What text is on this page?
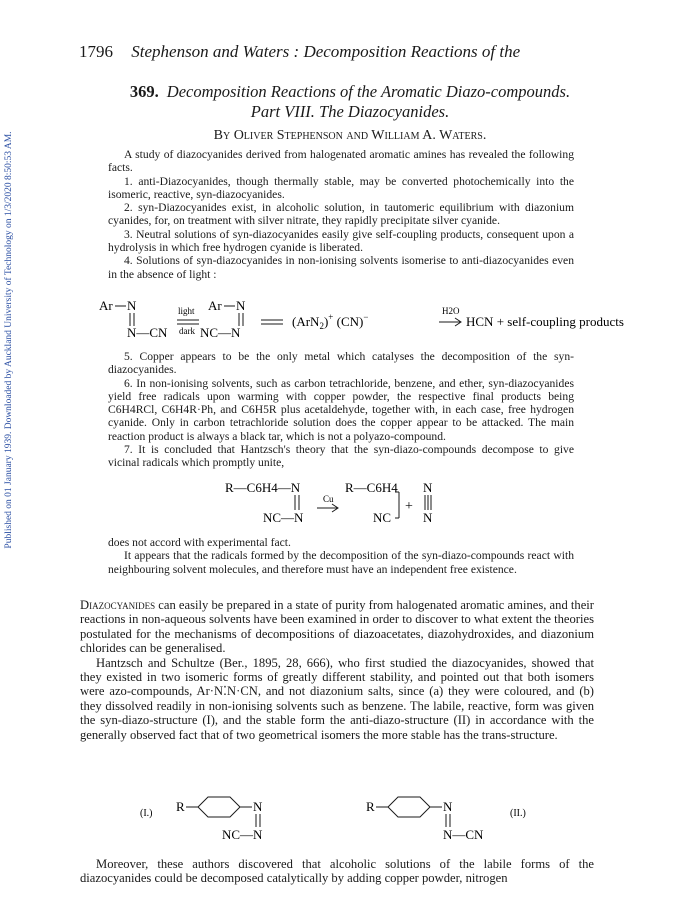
Published on 01 January 1939. Downloaded by Auckland University of Technology on 1/3/2020 8:50:53 AM.
1796 Stephenson and Waters : Decomposition Reactions of the
369. Decomposition Reactions of the Aromatic Diazo-compounds.
Part VIII. The Diazocyanides.
By Oliver Stephenson and William A. Waters.

A study of diazocyanides derived from halogenated aromatic amines has revealed the following facts.

1. anti-Diazocyanides, though thermally stable, may be converted photochemically into the isomeric, reactive, syn-diazocyanides.

2. syn-Diazocyanides exist, in alcoholic solution, in tautomeric equilibrium with diazonium cyanides, for, on treatment with silver nitrate, they rapidly precipitate silver cyanide.

3. Neutral solutions of syn-diazocyanides easily give self-coupling products, consequent upon a hydrolysis in which free hydrogen cyanide is liberated.

4. Solutions of syn-diazocyanides in non-ionising solvents isomerise to anti-diazocyanides even in the absence of light :

Ar N
N—CN
light
dark
Ar N
NC—N
(ArN$_2$)+ (CN)−
H2O
HCN + self-coupling products

5. Copper appears to be the only metal which catalyses the decomposition of the syn-diazocyanides.

6. In non-ionising solvents, such as carbon tetrachloride, benzene, and ether, syn-diazocyanides yield free radicals upon warming with copper powder, the respective final products being C6H4RCl, C6H4R·Ph, and C6H5R plus acetaldehyde, together with, in each case, free hydrogen cyanide. Only in carbon tetrachloride solution does the copper appear to be attacked. The main reaction product is always a black tar, which is not a polyazo-compound.

7. It is concluded that Hantzsch's theory that the syn-diazo-compounds decompose to give vicinal radicals which promptly unite,

R—C6H4—N
NC—N
Cu
R—C6H4
NC
+
N
N

does not accord with experimental fact.

It appears that the radicals formed by the decomposition of the syn-diazo-compounds react with neighbouring solvent molecules, and therefore must have an independent free existence.

Diazocyanides can easily be prepared in a state of purity from halogenated aromatic amines, and their reactions in non-aqueous solvents have been examined in order to discover to what extent the theories postulated for the mechanisms of decompositions of diazoacetates, diazohydroxides, and diazonium chlorides can be generalised.

Hantzsch and Schultze (Ber., 1895, 28, 666), who first studied the diazocyanides, showed that they existed in two isomeric forms of greatly different stability, and pointed out that both isomers were azo-compounds, Ar·N⁚N·CN, and not diazonium salts, since (a) they were coloured, and (b) they dissolved readily in non-ionising solvents such as benzene. The labile, reactive, form was given the syn-diazo-structure (I), and the stable form the anti-diazo-structure (II) in accordance with the generally observed fact that of two geometrical isomers the more stable has the trans-structure.

(I.) R	N
NC—N
R	N
N—CN
(II.)

Moreover, these authors discovered that alcoholic solutions of the labile forms of the diazocyanides could be decomposed catalytically by adding copper powder, nitrogen
